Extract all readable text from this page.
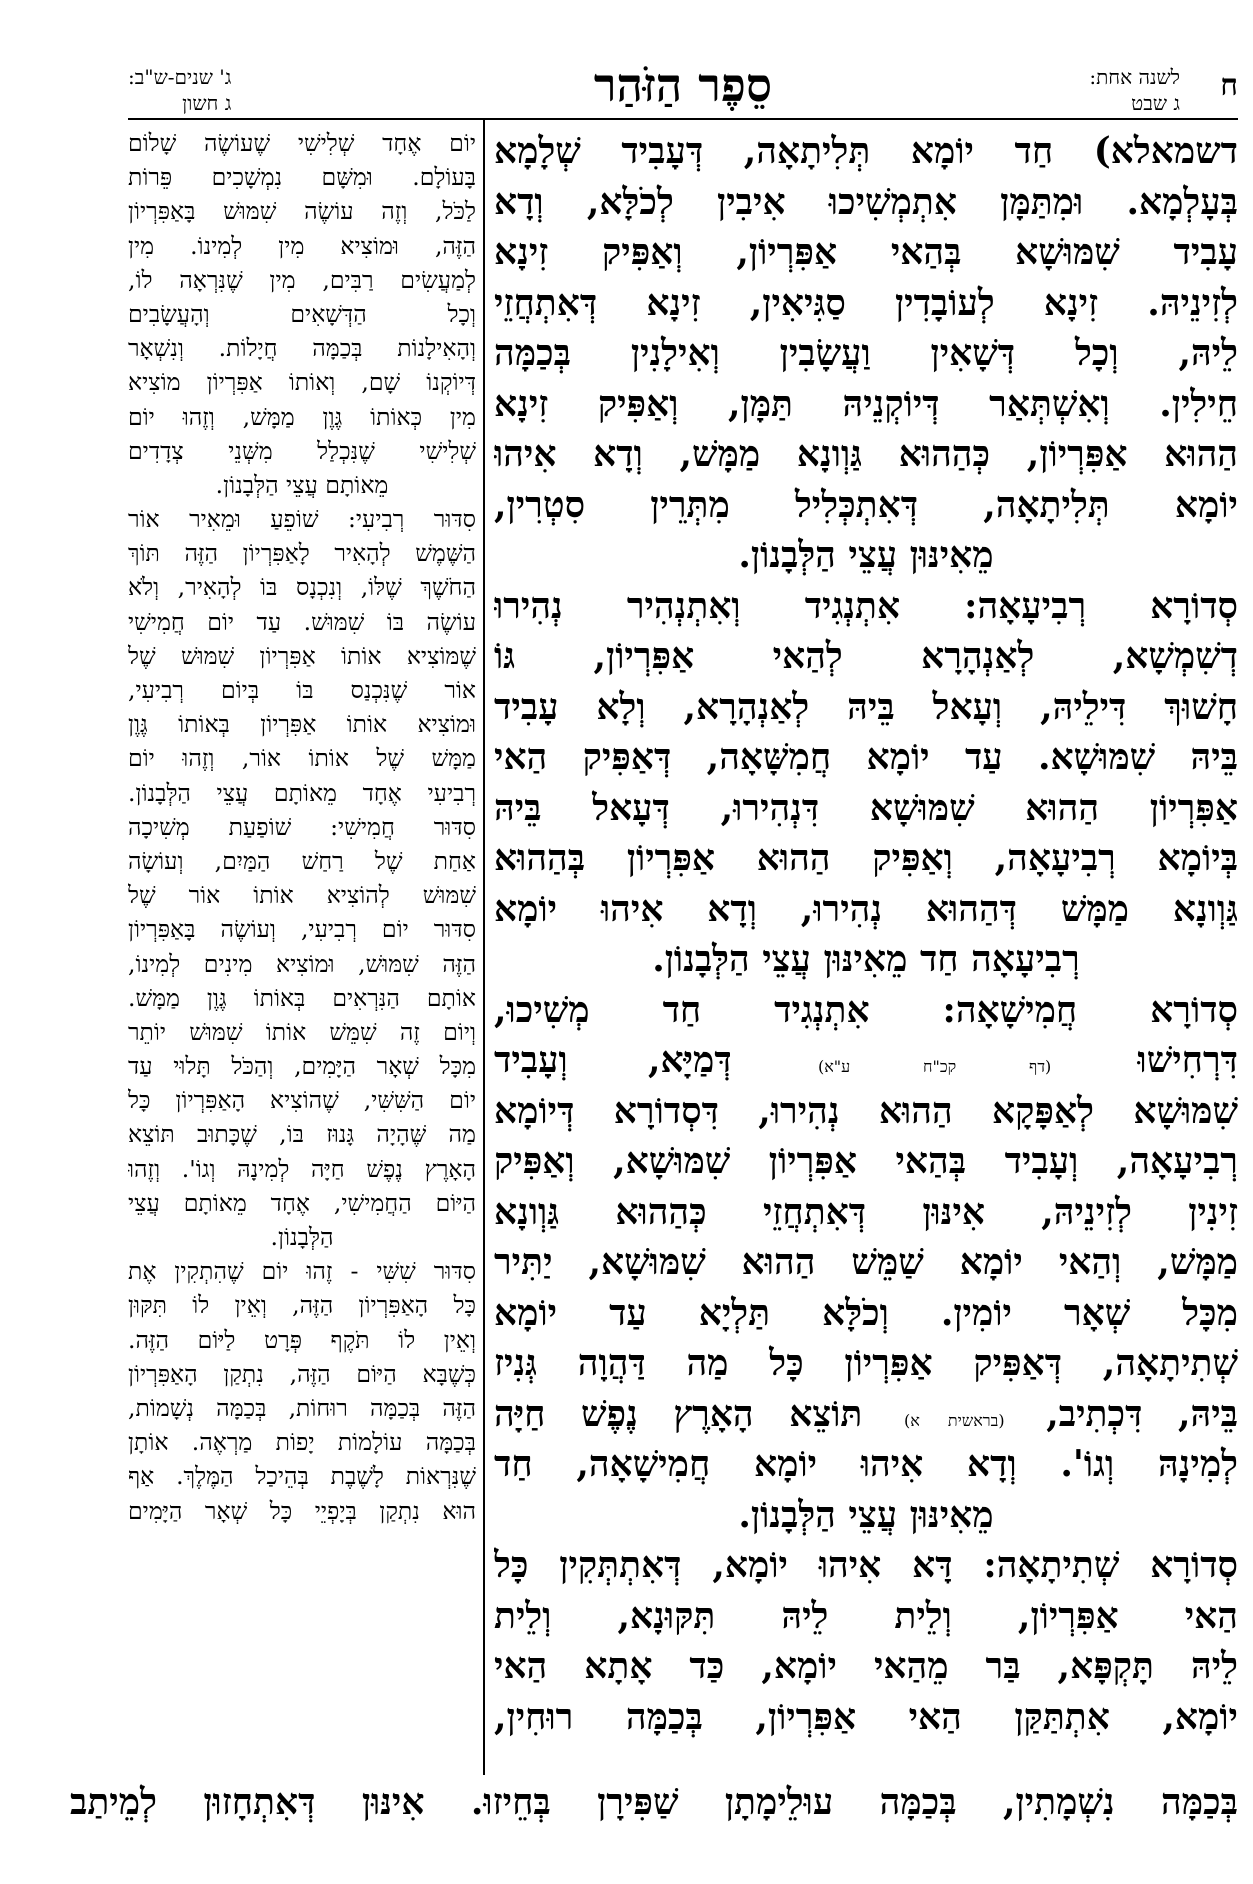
ח
לשנה אחת:
ג שבט
סֵפֶר הַזֹּהַר
ג' שנים-ש"ב:
ג חשון
דשמאלא) חַד יוֹמָא תְּלִיתָאָה, דְּעָבִיד שְׁלָמָא
בְּעָלְמָא. וּמִתַּמָּן אִתְמְשִׁיכוּ אִיבִין לְכֹלָּא, וְדָא
עָבִיד שִׁמּוּשָׁא בְּהַאי אַפִּרְיוֹן, וְאַפִּיק זִינָא
לְזִינֵיהּ. זִינָא לְעוֹבָדִין סַגִּיאִין, זִינָא דְּאִתְחֲזֵי
לֵיהּ, וְכָל דְּשָׁאִין וַעֲשָׂבִין וְאִילָנִין בְּכַמָּה
חֵילִין. וְאִשְׁתְּאַר דְּיוֹקְנֵיהּ תַּמָּן, וְאַפִּיק זִינָא
הַהוּא אַפִּרְיוֹן, כְּהַהוּא גַּוְונָא מַמָּשׁ, וְדָא אִיהוּ
יוֹמָא תְּלִיתָאָה, דְּאִתְכְּלִיל מִתְּרֵין סִטְרִין,
מֵאִינּוּן עֲצֵי הַלְּבָנוֹן.
סְדוֹרָא רְבִיעָאָה: אִתְנְגִיד וְאִתְנְהִיר נְהִירוּ
דְשִׁמְשָׁא, לְאַנְהָרָא לְהַאי אַפִּרְיוֹן, גּוֹ
חָשׁוּךְ דִּילֵיהּ, וְעָאל בֵּיהּ לְאַנְהָרָא, וְלָא עָבִיד
בֵּיהּ שִׁמּוּשָׁא. עַד יוֹמָא חֲמִשָּׁאָה, דְּאַפִּיק הַאי
אַפִּרְיוֹן הַהוּא שִׁמּוּשָׁא דִּנְהִירוּ, דְּעָאל בֵּיהּ
בְּיוֹמָא רְבִיעָאָה, וְאַפִּיק הַהוּא אַפִּרְיוֹן בְּהַהוּא
גַּוְונָא מַמָּשׁ דְּהַהוּא נְהִירוּ, וְדָא אִיהוּ יוֹמָא
רְבִיעָאָה חַד מֵאִינּוּן עֲצֵי הַלְּבָנוֹן.
סְדוֹרָא חֲמִישָׁאָה: אִתְנְגִיד חַד מְשִׁיכוּ,
דִּרְחִישׁוּ (דף קכ"ח ע"א) דְּמַיָּא, וְעָבִיד
שִׁמּוּשָׁא לְאַפָּקָא הַהוּא נְהִירוּ, דִּסְדוֹרָא דְּיוֹמָא
רְבִיעָאָה, וְעָבִיד בְּהַאי אַפִּרְיוֹן שִׁמּוּשָׁא, וְאַפִּיק
זִינִין לְזִינֵיהּ, אִינּוּן דְּאִתְחֲזֵי כְּהַהוּא גַּוְונָא
מַמָּשׁ, וְהַאי יוֹמָא שַׁמֵּשׁ הַהוּא שִׁמּוּשָׁא, יַתִּיר
מִכָּל שְׁאָר יוֹמִין. וְכֹלָּא תַּלְיָא עַד יוֹמָא
שְׁתִיתָאָה, דְּאַפִּיק אַפִּרְיוֹן כָּל מַה דַּהֲוָה גְּנִיז
בֵּיהּ, דִּכְתִיב, (בראשית א) תּוֹצֵא הָאָרֶץ נֶפֶשׁ חַיָּה
לְמִינָהּ וְגוֹ'. וְדָא אִיהוּ יוֹמָא חֲמִישָׁאָה, חַד
מֵאִינּוּן עֲצֵי הַלְּבָנוֹן.
סְדוֹרָא שְׁתִיתָאָה: דָּא אִיהוּ יוֹמָא, דְּאִתְתְּקִין כָּל
הַאי אַפִּרְיוֹן, וְלֵית לֵיהּ תִּקּוּנָא, וְלֵית
לֵיהּ תָּקְפָּא, בַּר מֵהַאי יוֹמָא, כַּד אָתָא הַאי
יוֹמָא, אִתְתַּקַּן הַאי אַפִּרְיוֹן, בְּכַמָּה רוּחִין,
יוֹם אֶחָד שְׁלִישִׁי שֶׁעוֹשֶׂה שָׁלוֹם
בָּעוֹלָם. וּמִשָּׁם נִמְשָׁכִים פֵּרוֹת
לַכֹּל, וְזֶה עוֹשֶׂה שִׁמּוּשׁ בָּאַפִּרְיוֹן
הַזֶּה, וּמוֹצִיא מִין לְמִינוֹ. מִין
לְמַעֲשִׂים רַבִּים, מִין שֶׁנִּרְאָה לוֹ,
וְכָל הַדְּשָׁאִים וְהָעֲשָׂבִים
וְהָאִילָנוֹת בְּכַמָּה חֲיָלוֹת. וְנִשְׁאָר
דְּיוֹקְנוֹ שָׁם, וְאוֹתוֹ אַפִּרְיוֹן מוֹצִיא
מִין כְּאוֹתוֹ גֶּוֶן מַמָּשׁ, וְזֶהוּ יוֹם
שְׁלִישִׁי שֶׁנִּכְלַל מִשְּׁנֵי צְדָדִים
מֵאוֹתָם עֲצֵי הַלְּבָנוֹן.
סִדּוּר רְבִיעִי: שׁוֹפֵעַ וּמֵאִיר אוֹר
הַשֶּׁמֶשׁ לְהָאִיר לָאַפִּרְיוֹן הַזֶּה תּוֹךְ
הַחֹשֶׁךְ שֶׁלּוֹ, וְנִכְנָס בּוֹ לְהָאִיר, וְלֹא
עוֹשֶׂה בּוֹ שִׁמּוּשׁ. עַד יוֹם חֲמִישִׁי
שֶׁמּוֹצִיא אוֹתוֹ אַפִּרְיוֹן שִׁמּוּשׁ שֶׁל
אוֹר שֶׁנִּכְנַס בּוֹ בְּיוֹם רְבִיעִי,
וּמוֹצִיא אוֹתוֹ אַפִּרְיוֹן בְּאוֹתוֹ גֶּוֶן
מַמָּשׁ שֶׁל אוֹתוֹ אוֹר, וְזֶהוּ יוֹם
רְבִיעִי אֶחָד מֵאוֹתָם עֲצֵי הַלְּבָנוֹן.
סִדּוּר חֲמִישִׁי: שׁוֹפַעַת מְשִׁיכָה
אַחַת שֶׁל רַחַשׁ הַמַּיִם, וְעוֹשָׂה
שִׁמּוּשׁ לְהוֹצִיא אוֹתוֹ אוֹר שֶׁל
סִדּוּר יוֹם רְבִיעִי, וְעוֹשֶׂה בָּאַפִּרְיוֹן
הַזֶּה שִׁמּוּשׁ, וּמוֹצִיא מִינִים לְמִינוֹ,
אוֹתָם הַנִּרְאִים בְּאוֹתוֹ גֶּוֶן מַמָּשׁ.
וְיוֹם זֶה שִׁמֵּשׁ אוֹתוֹ שִׁמּוּשׁ יוֹתֵר
מִכָּל שְׁאָר הַיָּמִים, וְהַכֹּל תָּלוּי עַד
יוֹם הַשִּׁשִּׁי, שֶׁהוֹצִיא הָאַפִּרְיוֹן כָּל
מַה שֶּׁהָיָה גָּנוּז בּוֹ, שֶׁכָּתוּב תּוֹצֵא
הָאָרֶץ נֶפֶשׁ חַיָּה לְמִינָהּ וְגוֹ'. וְזֶהוּ
הַיּוֹם הַחֲמִישִׁי, אֶחָד מֵאוֹתָם עֲצֵי
הַלְּבָנוֹן.
סִדּוּר שִׁשִּׁי - זֶהוּ יוֹם שֶׁהִתְקִין אֶת
כָּל הָאַפִּרְיוֹן הַזֶּה, וְאֵין לוֹ תִּקּוּן
וְאֵין לוֹ תֹּקֶף פְּרָט לַיּוֹם הַזֶּה.
כְּשֶׁבָּא הַיּוֹם הַזֶּה, נִתְקַן הָאַפִּרְיוֹן
הַזֶּה בְּכַמָּה רוּחוֹת, בְּכַמָּה נְשָׁמוֹת,
בְּכַמָּה עוֹלָמוֹת יָפוֹת מַרְאֶה. אוֹתָן
שֶׁנִּרְאוֹת לָשֶׁבֶת בְּהֵיכַל הַמֶּלֶךְ. אַף
הוּא נִתְקַן בְּיָפְיֵי כָּל שְׁאָר הַיָּמִים
בְּכַמָּה נִשְׁמָתִין, בְּכַמָּה עוּלֵימָתָן שַׁפִּירָן בְּחֵיזוּ. אִינּוּן דְּאִתְחָזוּן לְמֵיתַב
